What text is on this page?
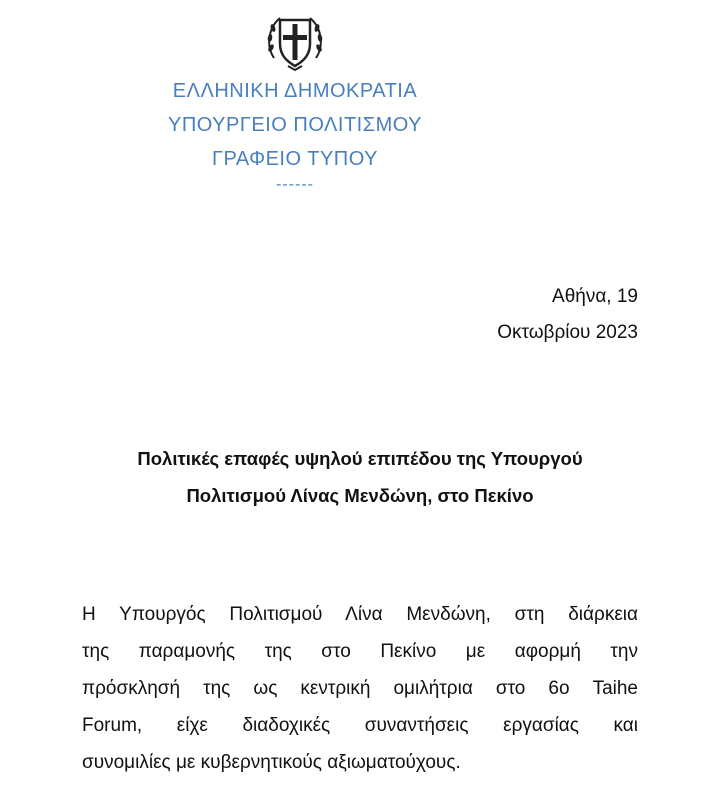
ΕΛΛΗΝΙΚΗ ΔΗΜΟΚΡΑΤΙΑ
ΥΠΟΥΡΓΕΙΟ ΠΟΛΙΤΙΣΜΟΥ
ΓΡΑΦΕΙΟ ΤΥΠΟΥ
------
Αθήνα, 19
Οκτωβρίου 2023
Πολιτικές επαφές υψηλού επιπέδου της Υπουργού
Πολιτισμού Λίνας Μενδώνη, στο Πεκίνο
Η Υπουργός Πολιτισμού Λίνα Μενδώνη, στη διάρκεια
της παραμονής της στο Πεκίνο με αφορμή την
πρόσκλησή της ως κεντρική ομιλήτρια στο 6ο Taihe
Forum, είχε διαδοχικές συναντήσεις εργασίας και
συνομιλίες με κυβερνητικούς αξιωματούχους.
